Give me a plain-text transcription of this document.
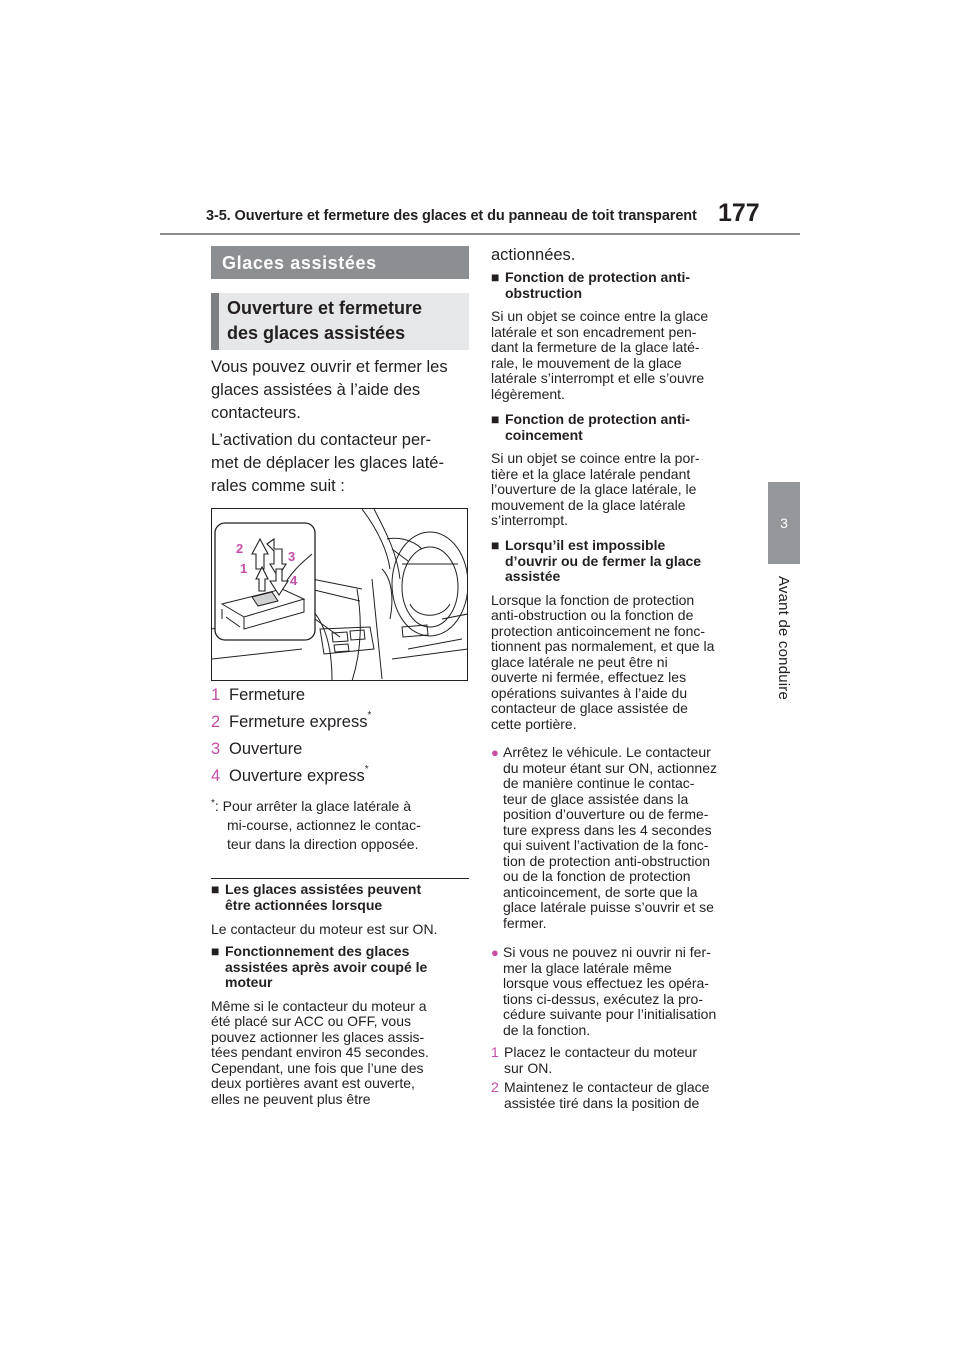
3-5. Ouverture et fermeture des glaces et du panneau de toit transparent 177
3
Avant de conduire
Glaces assistées
Ouverture et fermeture
des glaces assistées
Vous pouvez ouvrir et fermer les
glaces assistées à l’aide des
contacteurs.
L’activation du contacteur per-
met de déplacer les glaces laté-
rales comme suit :
2
3
1
4
1 Fermeture
2 Fermeture express *
3 Ouverture
4 Ouverture express *
*: Pour arrêter la glace latérale à
mi-course, actionnez le contac-
teur dans la direction opposée.
■ Les glaces assistées peuvent
être actionnées lorsque
Le contacteur du moteur est sur ON.
■ Fonctionnement des glaces
assistées après avoir coupé le
moteur
Même si le contacteur du moteur a
été placé sur ACC ou OFF, vous
pouvez actionner les glaces assis-
tées pendant environ 45 secondes.
Cependant, une fois que l’une des
deux portières avant est ouverte,
elles ne peuvent plus être
actionnées.
■ Fonction de protection anti-
obstruction
Si un objet se coince entre la glace
latérale et son encadrement pen-
dant la fermeture de la glace laté-
rale, le mouvement de la glace
latérale s’interrompt et elle s’ouvre
légèrement.
■ Fonction de protection anti-
coincement
Si un objet se coince entre la por-
tière et la glace latérale pendant
l’ouverture de la glace latérale, le
mouvement de la glace latérale
s’interrompt.
■ Lorsqu’il est impossible
d’ouvrir ou de fermer la glace
assistée
Lorsque la fonction de protection
anti-obstruction ou la fonction de
protection anticoincement ne fonc-
tionnent pas normalement, et que la
glace latérale ne peut être ni
ouverte ni fermée, effectuez les
opérations suivantes à l’aide du
contacteur de glace assistée de
cette portière.
● Arrêtez le véhicule. Le contacteur
du moteur étant sur ON, actionnez
de manière continue le contac-
teur de glace assistée dans la
position d’ouverture ou de ferme-
ture express dans les 4 secondes
qui suivent l’activation de la fonc-
tion de protection anti-obstruction
ou de la fonction de protection
anticoincement, de sorte que la
glace latérale puisse s’ouvrir et se
fermer.
● Si vous ne pouvez ni ouvrir ni fer-
mer la glace latérale même
lorsque vous effectuez les opéra-
tions ci-dessus, exécutez la pro-
cédure suivante pour l’initialisation
de la fonction.
1 Placez le contacteur du moteur
sur ON.
2 Maintenez le contacteur de glace
assistée tiré dans la position de
